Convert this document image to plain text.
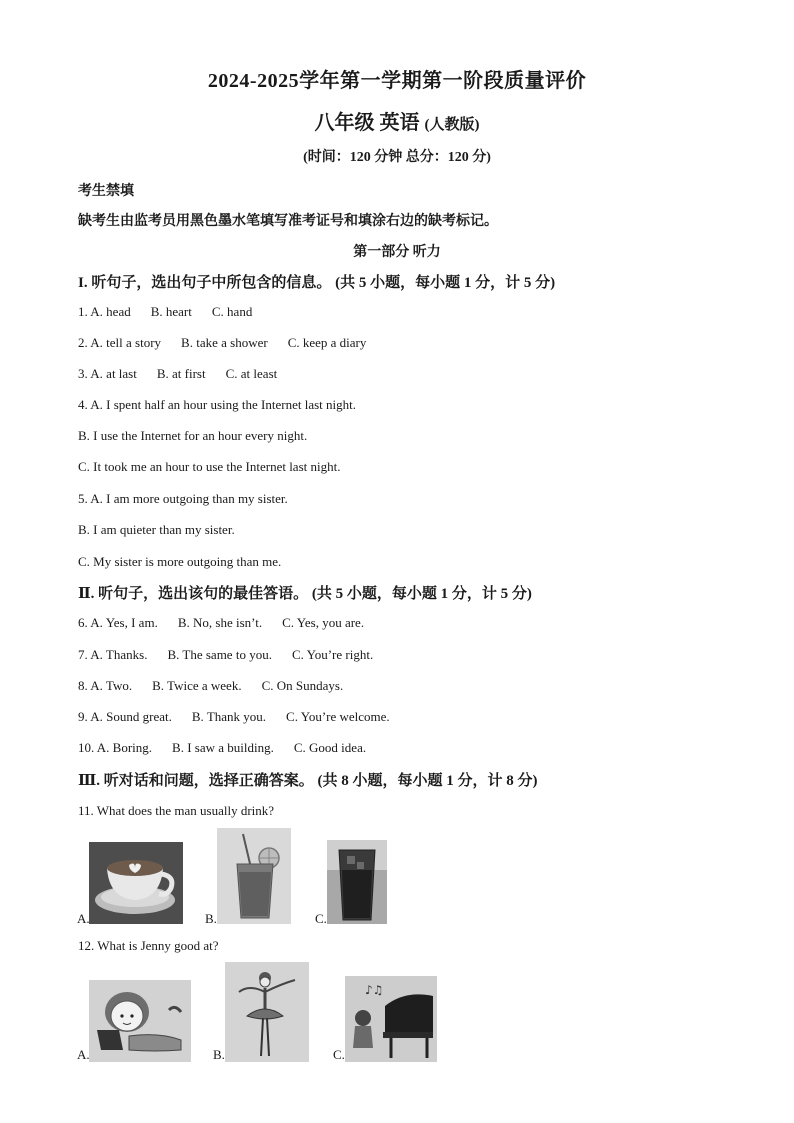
2024-2025学年第一学期第一阶段质量评价
八年级 英语 (人教版)
(时间：120 分钟 总分：120 分)
考生禁填
缺考生由监考员用黑色墨水笔填写准考证号和填涂右边的缺考标记。
第一部分 听力
I. 听句子，选出句子中所包含的信息。 (共 5 小题，每小题 1 分，计 5 分)
1. A. head B. heart C. hand
2. A. tell a story B. take a shower C. keep a diary
3. A. at last B. at first C. at least
4. A. I spent half an hour using the Internet last night.
B. I use the Internet for an hour every night.
C. It took me an hour to use the Internet last night.
5. A. I am more outgoing than my sister.
B. I am quieter than my sister.
C. My sister is more outgoing than me.
Ⅱ. 听句子，选出该句的最佳答语。 (共 5 小题，每小题 1 分，计 5 分)
6. A. Yes, I am. B. No, she isn’t. C. Yes, you are.
7. A. Thanks. B. The same to you. C. You’re right.
8. A. Two. B. Twice a week. C. On Sundays.
9. A. Sound great. B. Thank you. C. You’re welcome.
10. A. Boring. B. I saw a building. C. Good idea.
Ⅲ. 听对话和问题，选择正确答案。 (共 8 小题，每小题 1 分，计 8 分)
11. What does the man usually drink?
A.	B.	C.
12. What is Jenny good at?
A.	B.
♪♫
C.
